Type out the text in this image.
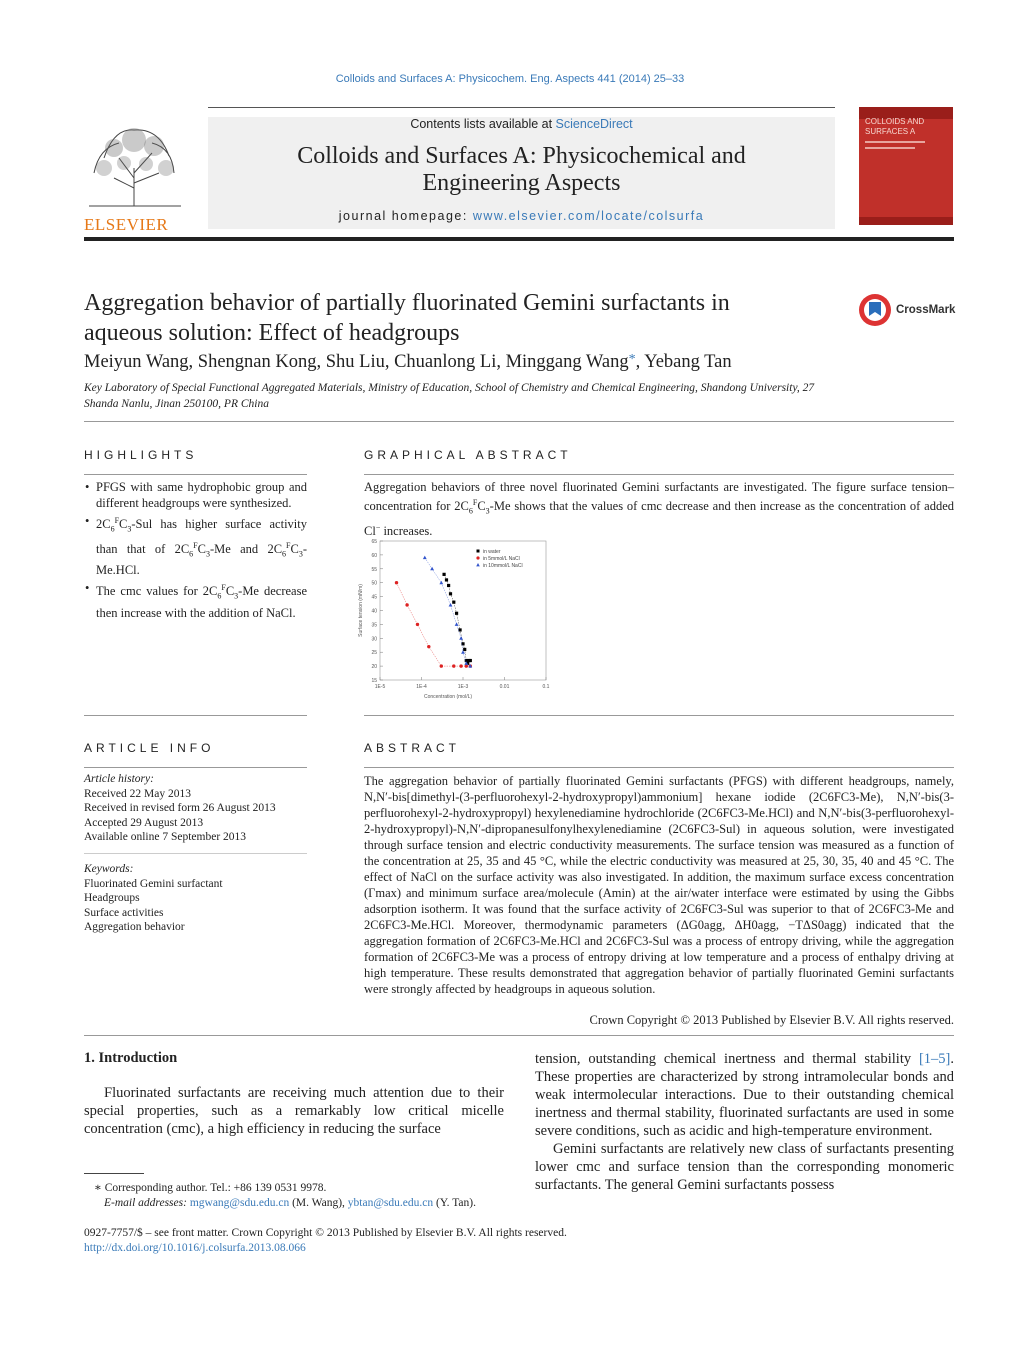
Colloids and Surfaces A: Physicochem. Eng. Aspects 441 (2014) 25–33
ELSEVIER
Contents lists available at ScienceDirect
Colloids and Surfaces A: Physicochemical and
Engineering Aspects
journal homepage: www.elsevier.com/locate/colsurfa
COLLOIDS AND
SURFACES A
Aggregation behavior of partially fluorinated Gemini surfactants in
aqueous solution: Effect of headgroups
CrossMark
Meiyun Wang, Shengnan Kong, Shu Liu, Chuanlong Li, Minggang Wang*, Yebang Tan
Key Laboratory of Special Functional Aggregated Materials, Ministry of Education, School of Chemistry and Chemical Engineering, Shandong University, 27
Shanda Nanlu, Jinan 250100, PR China
HIGHLIGHTS
• PFGS with same hydrophobic group and different headgroups were synthesized.
• $2C_6^FC_3$-Sul has higher surface activity than that of $2C_6^FC_3-Me$ and $2C_6^FC_3-Me.HCl$.
• The cmc values for $2C_6^FC_3-Me$ decrease then increase with the addition of NaCl.
GRAPHICAL ABSTRACT
Aggregation behaviors of three novel fluorinated Gemini surfactants are investigated. The figure surface tension–concentration for $2C_6^FC_3-Me$ shows that the values of cmc decrease and then increase as the concentration of added Cl− increases.
15
20
25
30
35
40
45
50
55
60
65
1E-5	1E-4	1E-3	0.01	0.1
Concentration (mol/L)
Surface tension (mN/m)
in water
in 5mmol/L NaCl
in 10mmol/L NaCl
ARTICLE INFO
Article history:
Received 22 May 2013
Received in revised form 26 August 2013
Accepted 29 August 2013
Available online 7 September 2013
Keywords:
Fluorinated Gemini surfactant
Headgroups
Surface activities
Aggregation behavior
ABSTRACT
The aggregation behavior of partially fluorinated Gemini surfactants (PFGS) with different headgroups, namely, N,N′-bis[dimethyl-(3-perfluorohexyl-2-hydroxypropyl)ammonium] hexane iodide (2C6FC3-Me), N,N′-bis(3-perfluorohexyl-2-hydroxypropyl) hexylenediamine hydrochloride (2C6FC3-Me.HCl) and N,N′-bis(3-perfluorohexyl-2-hydroxypropyl)-N,N′-dipropanesulfonylhexylenediamine (2C6FC3-Sul) in aqueous solution, were investigated through surface tension and electric conductivity measurements. The surface tension was measured as a function of the concentration at 25, 35 and 45 °C, while the electric conductivity was measured at 25, 30, 35, 40 and 45 °C. The effect of NaCl on the surface activity was also investigated. In addition, the maximum surface excess concentration (Γmax) and minimum surface area/molecule (Amin) at the air/water interface were estimated by using the Gibbs adsorption isotherm. It was found that the surface activity of 2C6FC3-Sul was superior to that of 2C6FC3-Me and 2C6FC3-Me.HCl. Moreover, thermodynamic parameters (ΔG0agg, ΔH0agg, −TΔS0agg) indicated that the aggregation formation of 2C6FC3-Me.HCl and 2C6FC3-Sul was a process of entropy driving, while the aggregation formation of 2C6FC3-Me was a process of entropy driving at low temperature and a process of enthalpy driving at high temperature. These results demonstrated that aggregation behavior of partially fluorinated Gemini surfactants were strongly affected by headgroups in aqueous solution.
Crown Copyright © 2013 Published by Elsevier B.V. All rights reserved.
1. Introduction
Fluorinated surfactants are receiving much attention due to their special properties, such as a remarkably low critical micelle concentration (cmc), a high efficiency in reducing the surface
tension, outstanding chemical inertness and thermal stability [1–5]. These properties are characterized by strong intramolecular bonds and weak intermolecular interactions. Due to their outstanding chemical inertness and thermal stability, fluorinated surfactants are used in some severe conditions, such as acidic and high-temperature environment.
Gemini surfactants are relatively new class of surfactants presenting lower cmc and surface tension than the corresponding monomeric surfactants. The general Gemini surfactants possess
∗ Corresponding author. Tel.: +86 139 0531 9978.
E-mail addresses: mgwang@sdu.edu.cn (M. Wang), ybtan@sdu.edu.cn (Y. Tan).
0927-7757/$ – see front matter. Crown Copyright © 2013 Published by Elsevier B.V. All rights reserved.
http://dx.doi.org/10.1016/j.colsurfa.2013.08.066
